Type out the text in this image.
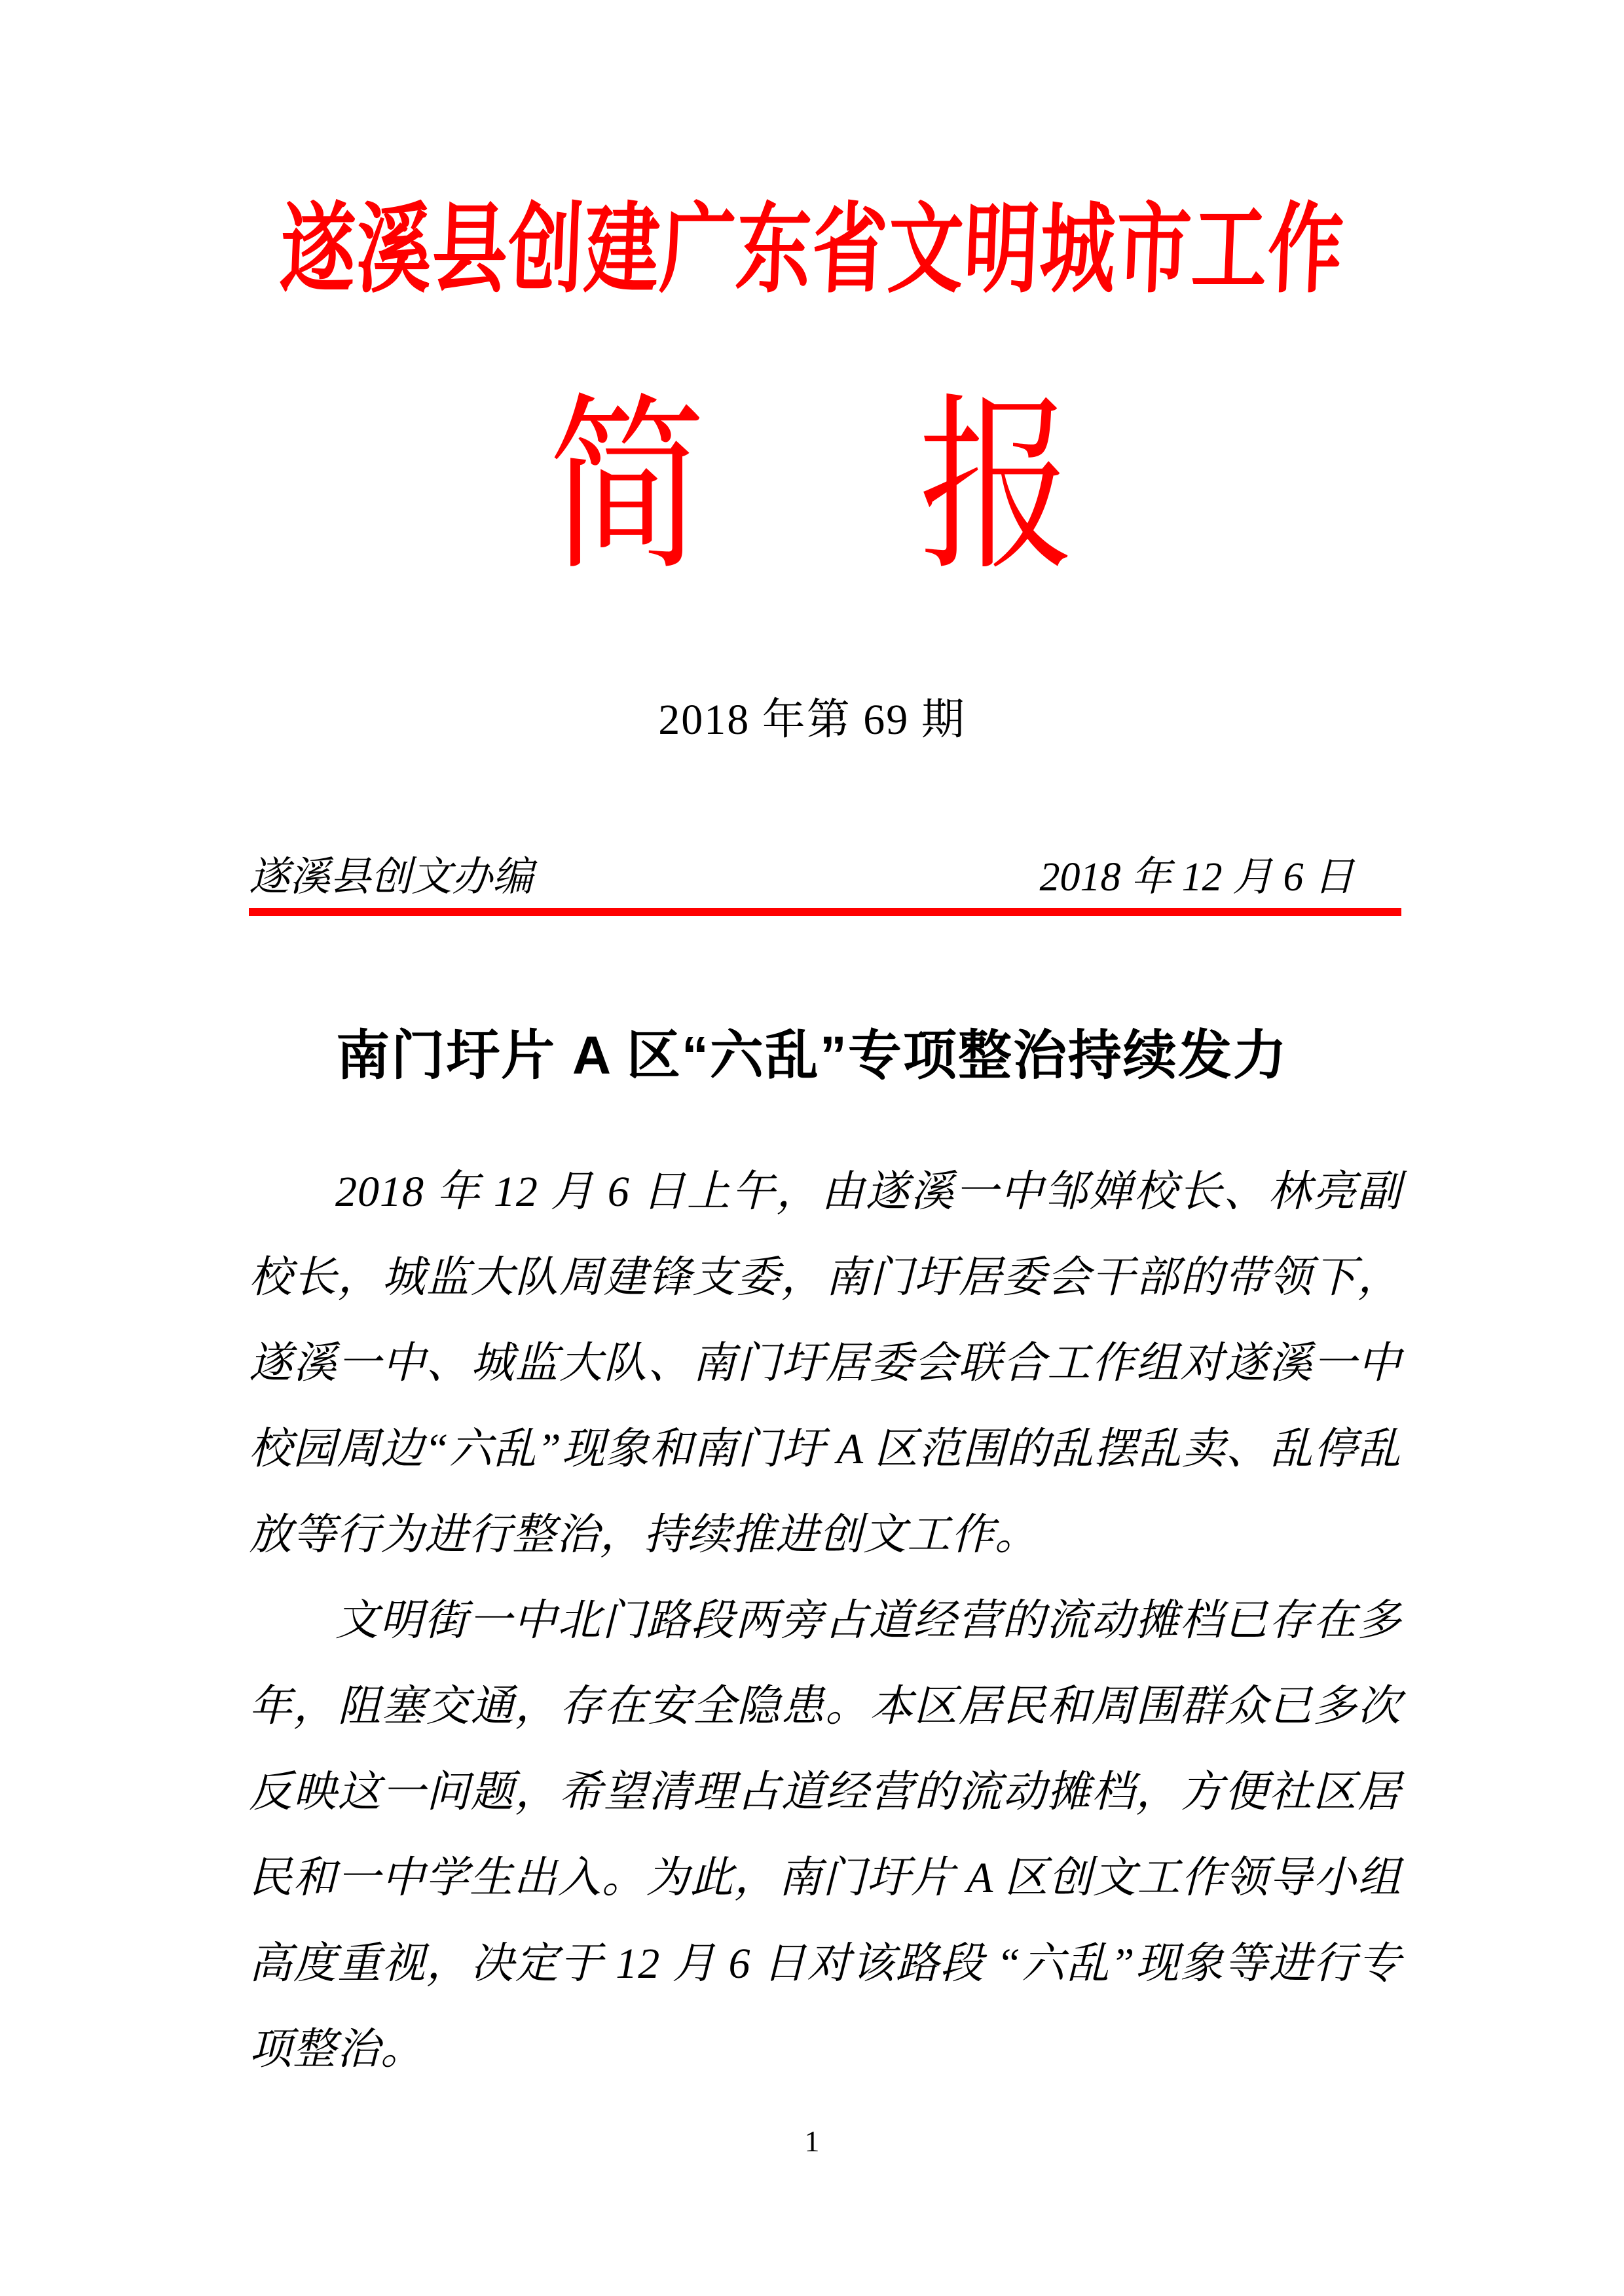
遂溪县创建广东省文明城市工作
简 报
2018 年第 69 期
遂溪县创文办编	2018 年 12 月 6 日
南门圩片 A 区“六乱”专项整治持续发力

2018 年 12 月 6 日上午，由遂溪一中邹婵校长、林亮副校长，城监大队周建锋支委，南门圩居委会干部的带领下，遂溪一中、城监大队、南门圩居委会联合工作组对遂溪一中校园周边“六乱”现象和南门圩 A 区范围的乱摆乱卖、乱停乱放等行为进行整治，持续推进创文工作。

文明街一中北门路段两旁占道经营的流动摊档已存在多年，阻塞交通，存在安全隐患。本区居民和周围群众已多次反映这一问题，希望清理占道经营的流动摊档，方便社区居民和一中学生出入。为此，南门圩片 A 区创文工作领导小组高度重视，决定于 12 月 6 日对该路段 “六乱”现象等进行专项整治。

1
